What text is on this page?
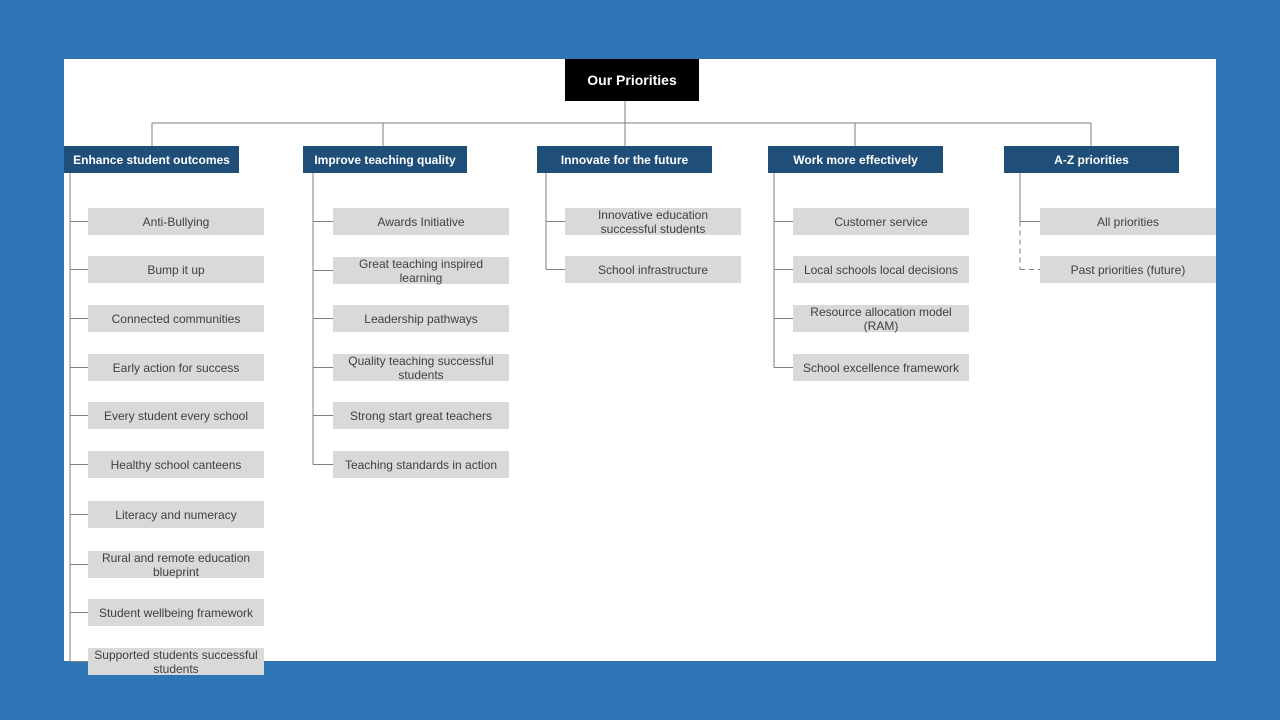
Our Priorities
Enhance student outcomes
Anti-Bullying
Bump it up
Connected communities
Early action for success
Every student every school
Healthy school canteens
Literacy and numeracy
Rural and remote education blueprint
Student wellbeing framework
Supported students successful students
Improve teaching quality
Awards Initiative
Great teaching inspired learning
Leadership pathways
Quality teaching successful students
Strong start great teachers
Teaching standards in action
Innovate for the future
Innovative education successful students
School infrastructure
Work more effectively
Customer service
Local schools local decisions
Resource allocation model (RAM)
School excellence framework
A-Z priorities
All priorities
Past priorities (future)
